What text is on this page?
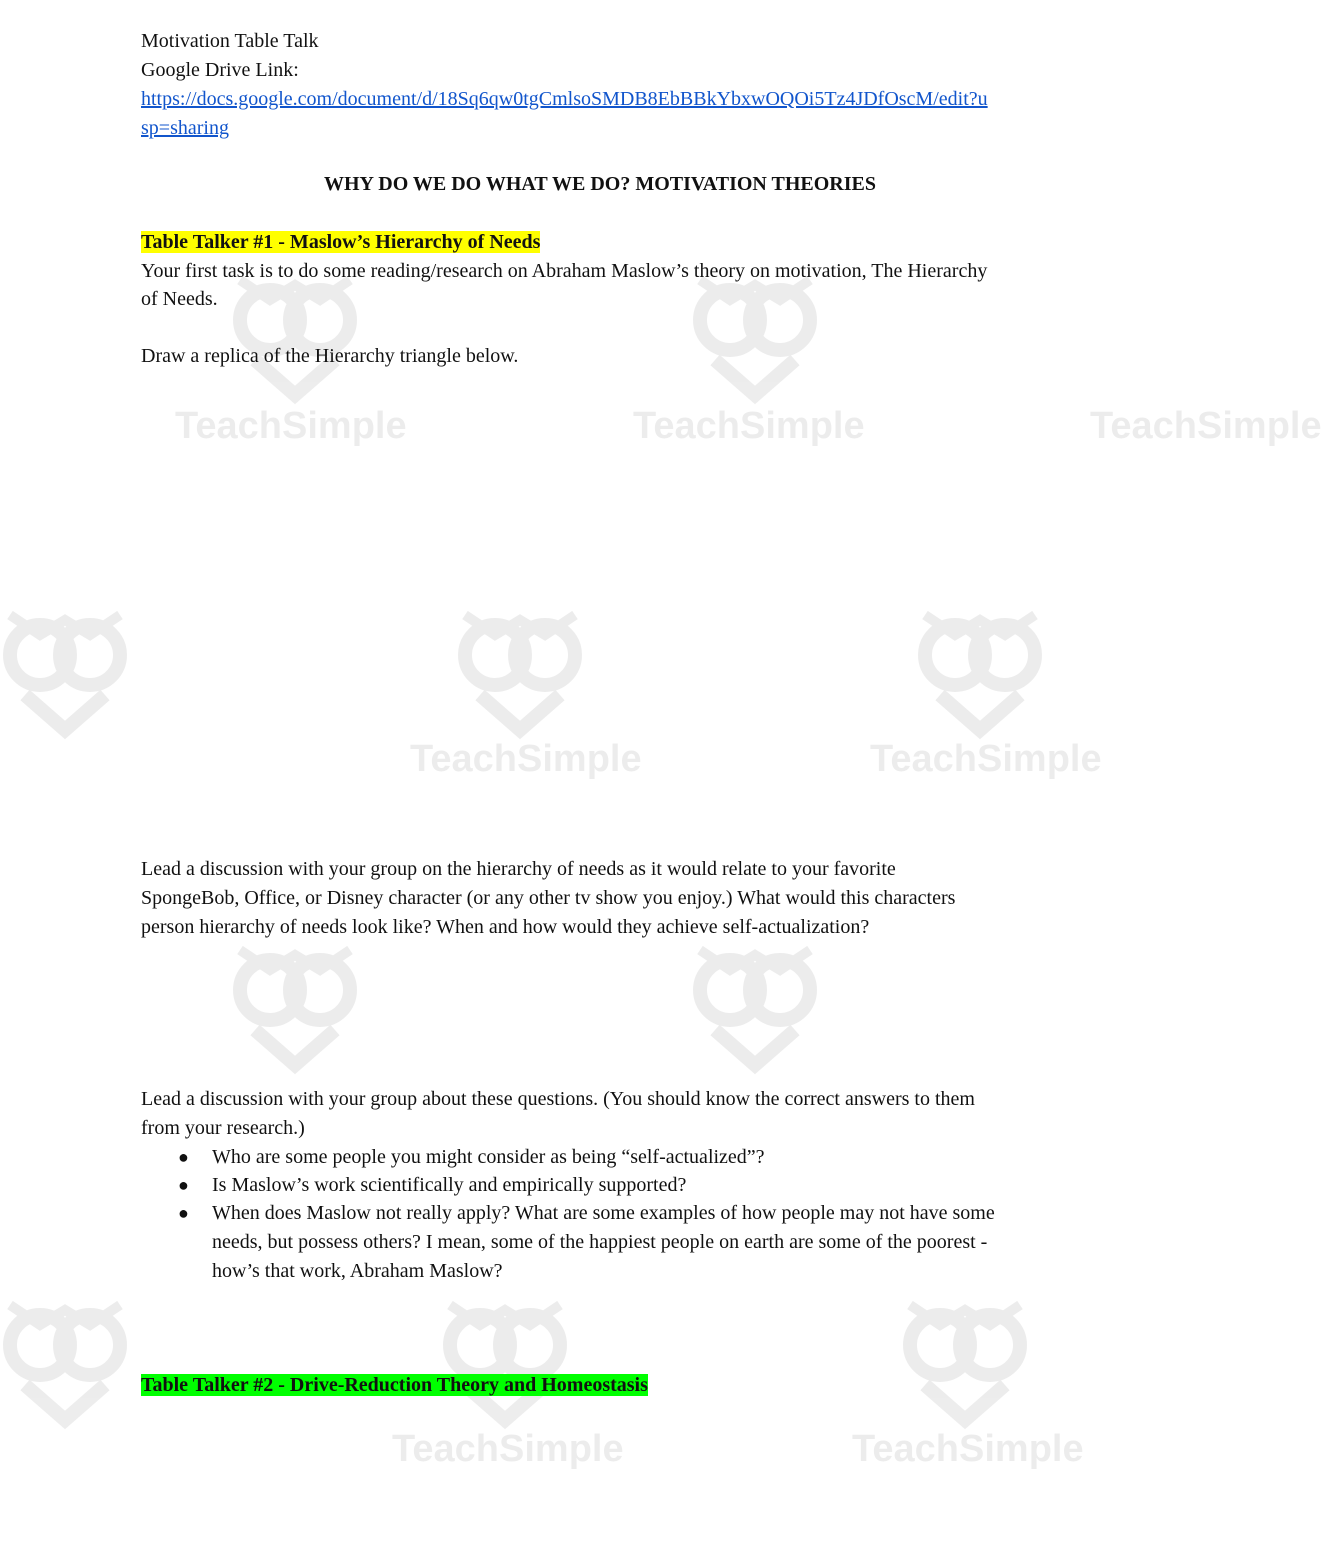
TeachSimple	TeachSimple	TeachSimple
TeachSimple	TeachSimple
TeachSimple	TeachSimple
Motivation Table Talk
Google Drive Link:
https://docs.google.com/document/d/18Sq6qw0tgCmlsoSMDB8EbBBkYbxwOQOi5Tz4JDfOscM/edit?u
sp=sharing
WHY DO WE DO WHAT WE DO? MOTIVATION THEORIES
Table Talker #1 - Maslow’s Hierarchy of Needs
Your first task is to do some reading/research on Abraham Maslow’s theory on motivation, The Hierarchy
of Needs.
Draw a replica of the Hierarchy triangle below.
Lead a discussion with your group on the hierarchy of needs as it would relate to your favorite
SpongeBob, Office, or Disney character (or any other tv show you enjoy.) What would this characters
person hierarchy of needs look like? When and how would they achieve self-actualization?
Lead a discussion with your group about these questions. (You should know the correct answers to them
from your research.)
● Who are some people you might consider as being “self-actualized”?
● Is Maslow’s work scientifically and empirically supported?
● When does Maslow not really apply? What are some examples of how people may not have some
needs, but possess others? I mean, some of the happiest people on earth are some of the poorest -
how’s that work, Abraham Maslow?
Table Talker #2 - Drive-Reduction Theory and Homeostasis
